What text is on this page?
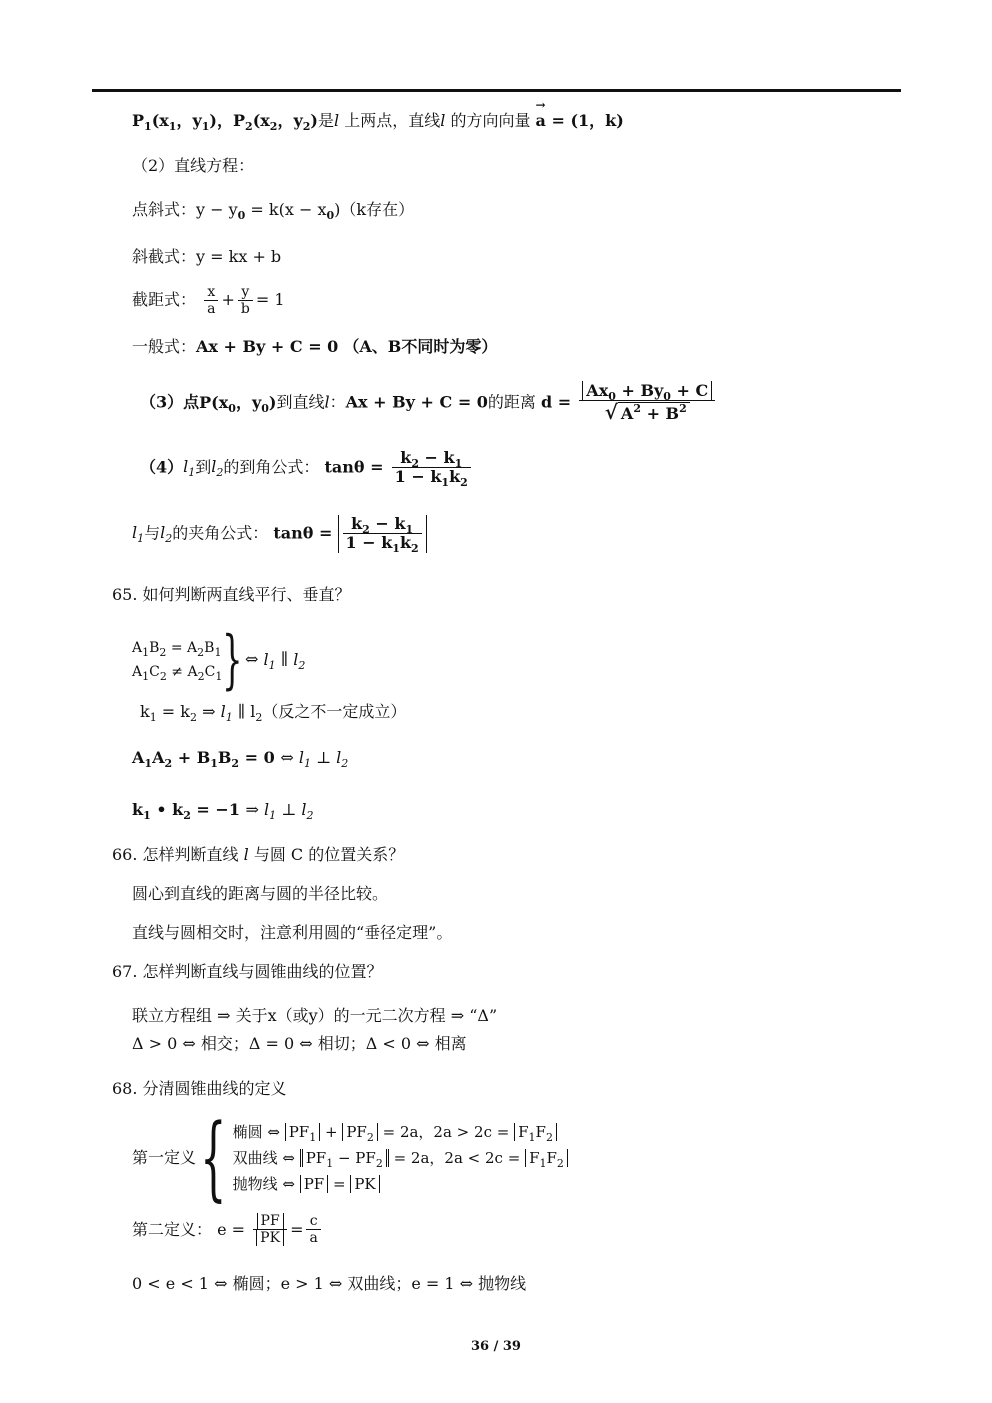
$P_1(x_1$，$y_1$)，$P_2(x_2$，$y_2$)是l 上两点，直线l 的方向向量
→
a = (1，k)
（2）直线方程：
点斜式：$y - y_0 = k(x - x_0)(k$存在）
斜截式：y = kx + b
截距式： $\frac{x}{a} + \frac{y}{b} = 1$
一般式：Ax + By + C = 0 （A、B不同时为零）
（3）点$P(x_0$，$y_0$)到直线l：Ax + By + C = 0的距离 $d = \frac{Ax_0 + By_0 + C}{√ A^2 + B^2}$
$(4)l_1$到$l_2$的到角公式： $\tan\theta = \frac{k_2 - k_1}{1 - k_1k_2}$
$l_1$与$l_2$的夹角公式： $\tan\theta = \frac{k_2 - k_1}{1 - k_1k_2}$
65. 如何判断两直线平行、垂直？
$A_1B_2 = A_2B_1$
$A_1C_2 \ne A_2C_1$ } ⇔ $l_1$ ∥ $l_2$
$k_1 = k_2$ ⇒ $l_1$ ∥ $l_2$（反之不一定成立）
$A_1A_2 + B_1B_2 = 0$ ⇔ $l_1$ ⊥ $l_2$
$k_1$ • $k_2 = -1$ ⇒ $l_1$ ⊥ $l_2$
66. 怎样判断直线 l 与圆 C 的位置关系？
圆心到直线的距离与圆的半径比较。
直线与圆相交时，注意利用圆的“垂径定理”。
67. 怎样判断直线与圆锥曲线的位置？
联立方程组 ⇒ 关于x（或y）的一元二次方程 ⇒ “Δ”
Δ > 0 ⇔ 相交；Δ = 0 ⇔ 相切；Δ < 0 ⇔ 相离
68. 分清圆锥曲线的定义
第一定义{ 椭圆 ⇔ $PF_1 + PF_2 = 2a$，$2a > 2c = F_1F_2$
双曲线 ⇔ $PF_1 - PF_2 = 2a$，$2a < 2c = F_1F_2$
抛物线 ⇔ PF = PK
第二定义： $e = \frac{PF}{PK} = \frac{c}{a}$
0 < e < 1 ⇔ 椭圆；e > 1 ⇔ 双曲线；e = 1 ⇔ 抛物线
36 / 39
